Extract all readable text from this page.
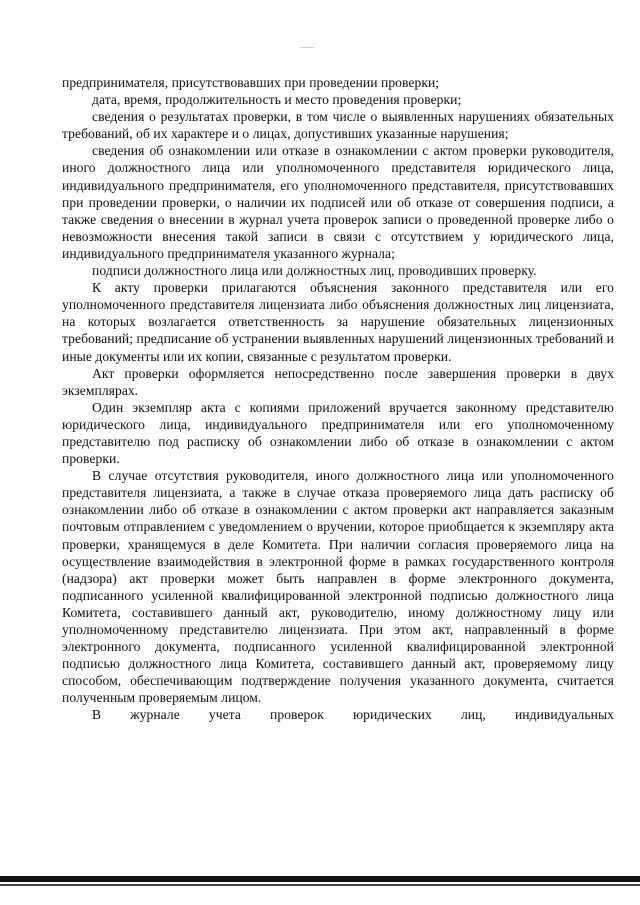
предпринимателя, присутствовавших при проведении проверки;

дата, время, продолжительность и место проведения проверки;

сведения о результатах проверки, в том числе о выявленных нарушениях обязательных требований, об их характере и о лицах, допустивших указанные нарушения;

сведения об ознакомлении или отказе в ознакомлении с актом проверки руководителя, иного должностного лица или уполномоченного представителя юридического лица, индивидуального предпринимателя, его уполномоченного представителя, присутствовавших при проведении проверки, о наличии их подписей или об отказе от совершения подписи, а также сведения о внесении в журнал учета проверок записи о проведенной проверке либо о невозможности внесения такой записи в связи с отсутствием у юридического лица, индивидуального предпринимателя указанного журнала;

подписи должностного лица или должностных лиц, проводивших проверку.

К акту проверки прилагаются объяснения законного представителя или его уполномоченного представителя лицензиата либо объяснения должностных лиц лицензиата, на которых возлагается ответственность за нарушение обязательных лицензионных требований; предписание об устранении выявленных нарушений лицензионных требований и иные документы или их копии, связанные с результатом проверки.

Акт проверки оформляется непосредственно после завершения проверки в двух экземплярах.

Один экземпляр акта с копиями приложений вручается законному представителю юридического лица, индивидуального предпринимателя или его уполномоченному представителю под расписку об ознакомлении либо об отказе в ознакомлении с актом проверки.

В случае отсутствия руководителя, иного должностного лица или уполномоченного представителя лицензиата, а также в случае отказа проверяемого лица дать расписку об ознакомлении либо об отказе в ознакомлении с актом проверки акт направляется заказным почтовым отправлением с уведомлением о вручении, которое приобщается к экземпляру акта проверки, хранящемуся в деле Комитета. При наличии согласия проверяемого лица на осуществление взаимодействия в электронной форме в рамках государственного контроля (надзора) акт проверки может быть направлен в форме электронного документа, подписанного усиленной квалифицированной электронной подписью должностного лица Комитета, составившего данный акт, руководителю, иному должностному лицу или уполномоченному представителю лицензиата. При этом акт, направленный в форме электронного документа, подписанного усиленной квалифицированной электронной подписью должностного лица Комитета, составившего данный акт, проверяемому лицу способом, обеспечивающим подтверждение получения указанного документа, считается полученным проверяемым лицом.

В журнале учета проверок юридических лиц, индивидуальных
